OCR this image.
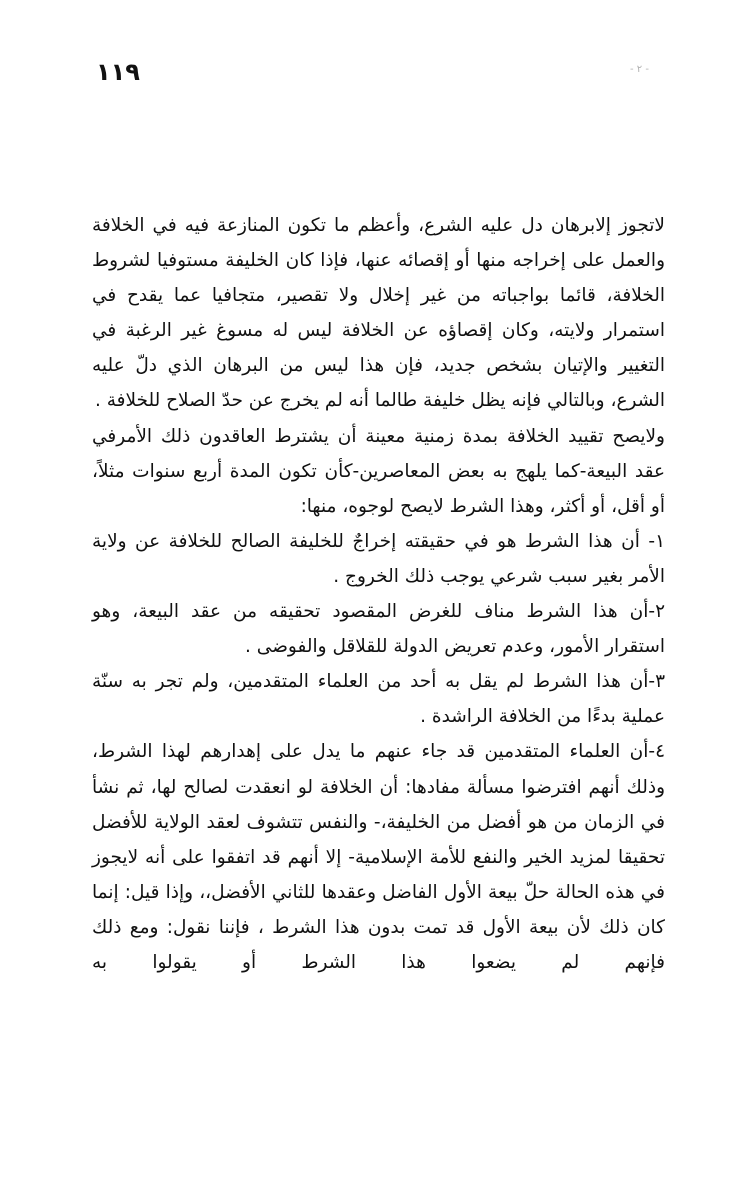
١١٩	- ٢ -

لاتجوز إلابرهان دل عليه الشرع، وأعظم ما تكون المنازعة فيه في الخلافة والعمل على إخراجه منها أو إقصائه عنها، فإذا كان الخليفة مستوفيا لشروط الخلافة، قائما بواجباته من غير إخلال ولا تقصير، متجافيا عما يقدح في استمرار ولايته، وكان إقصاؤه عن الخلافة ليس له مسوغ غير الرغبة في التغيير والإتيان بشخص جديد، فإن هذا ليس من البرهان الذي دلّ عليه الشرع، وبالتالي فإنه يظل خليفة طالما أنه لم يخرج عن حدّ الصلاح للخلافة .

ولايصح تقييد الخلافة بمدة زمنية معينة أن يشترط العاقدون ذلك الأمرفي عقد البيعة-كما يلهج به بعض المعاصرين-كأن تكون المدة أربع سنوات مثلاً، أو أقل، أو أكثر، وهذا الشرط لايصح لوجوه، منها:

١- أن هذا الشرط هو في حقيقته إخراجٌ للخليفة الصالح للخلافة عن ولاية الأمر بغير سبب شرعي يوجب ذلك الخروج .

٢-أن هذا الشرط مناف للغرض المقصود تحقيقه من عقد البيعة، وهو استقرار الأمور، وعدم تعريض الدولة للقلاقل والفوضى .

٣-أن هذا الشرط لم يقل به أحد من العلماء المتقدمين، ولم تجر به سنّة عملية بدءًا من الخلافة الراشدة .

٤-أن العلماء المتقدمين قد جاء عنهم ما يدل على إهدارهم لهذا الشرط، وذلك أنهم افترضوا مسألة مفادها: أن الخلافة لو انعقدت لصالح لها، ثم نشأ في الزمان من هو أفضل من الخليفة،- والنفس تتشوف لعقد الولاية للأفضل تحقيقا لمزيد الخير والنفع للأمة الإسلامية- إلا أنهم قد اتفقوا على أنه لايجوز في هذه الحالة حلّ بيعة الأول الفاضل وعقدها للثاني الأفضل،، وإذا قيل: إنما كان ذلك لأن بيعة الأول قد تمت بدون هذا الشرط ، فإننا نقول: ومع ذلك فإنهم لم يضعوا هذا الشرط أو يقولوا به
